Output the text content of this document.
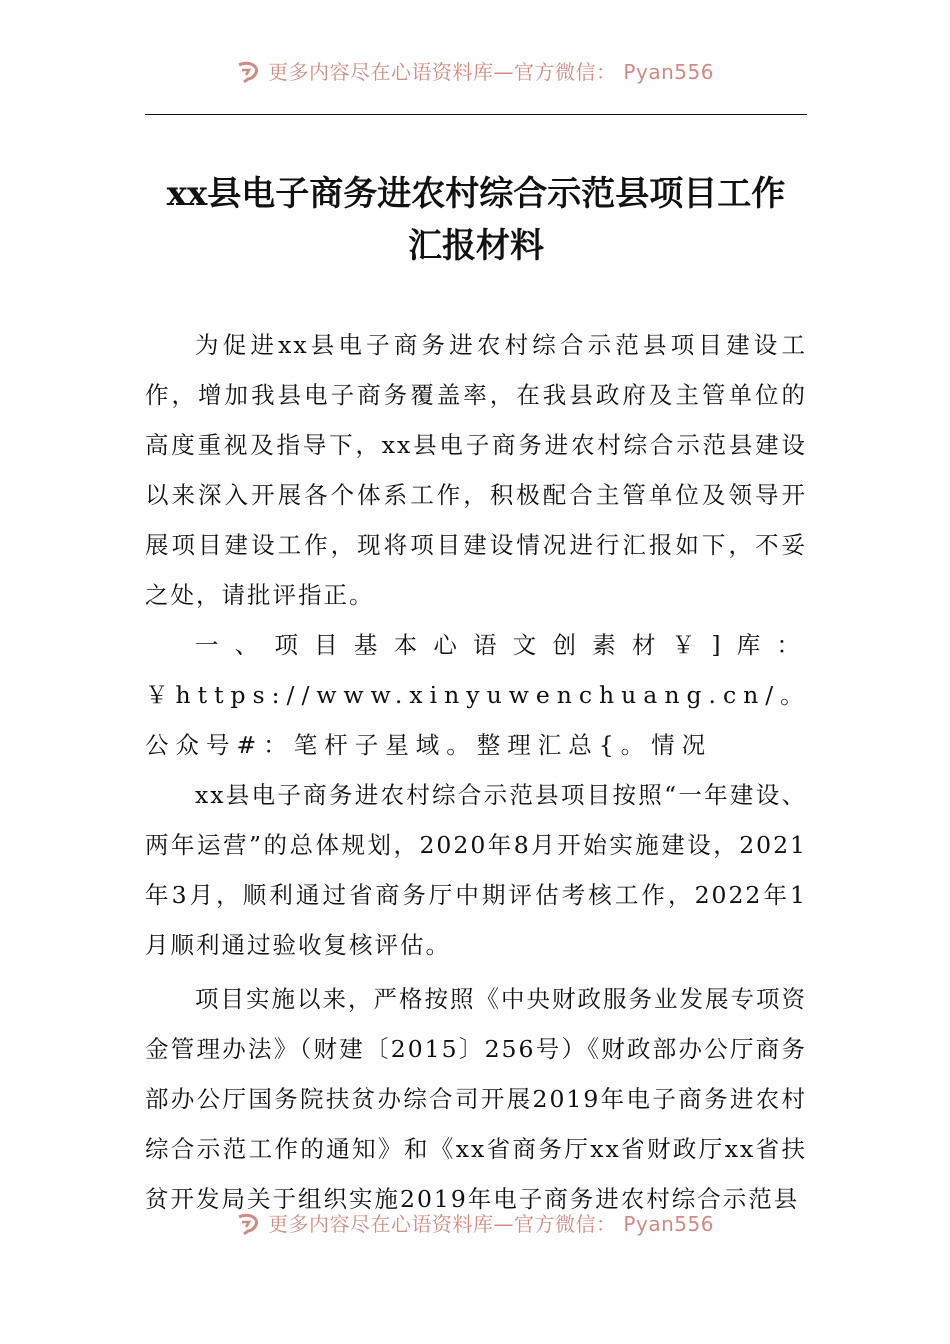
更多内容尽在心语资料库—官方微信： Pyan556
xx县电子商务进农村综合示范县项目工作
汇报材料

为促进xx县电子商务进农村综合示范县项目建设工作，增加我县电子商务覆盖率，在我县政府及主管单位的高度重视及指导下，xx县电子商务进农村综合示范县建设以来深入开展各个体系工作，积极配合主管单位及领导开展项目建设工作，现将项目建设情况进行汇报如下，不妥之处，请批评指正。

一、项目基本心语文创素材￥]库：￥https://www.xinyuwenchuang.cn/。公众号#：笔杆子星域。整理汇总{。情况

xx县电子商务进农村综合示范县项目按照“一年建设、两年运营”的总体规划，2020年8月开始实施建设，2021年3月，顺利通过省商务厅中期评估考核工作，2022年1月顺利通过验收复核评估。

项目实施以来，严格按照《中央财政服务业发展专项资金管理办法》（财建〔2015〕256号）《财政部办公厅商务部办公厅国务院扶贫办综合司开展2019年电子商务进农村综合示范工作的通知》和《xx省商务厅xx省财政厅xx省扶贫开发局关于组织实施2019年电子商务进农村综合示范县

更多内容尽在心语资料库—官方微信： Pyan556
